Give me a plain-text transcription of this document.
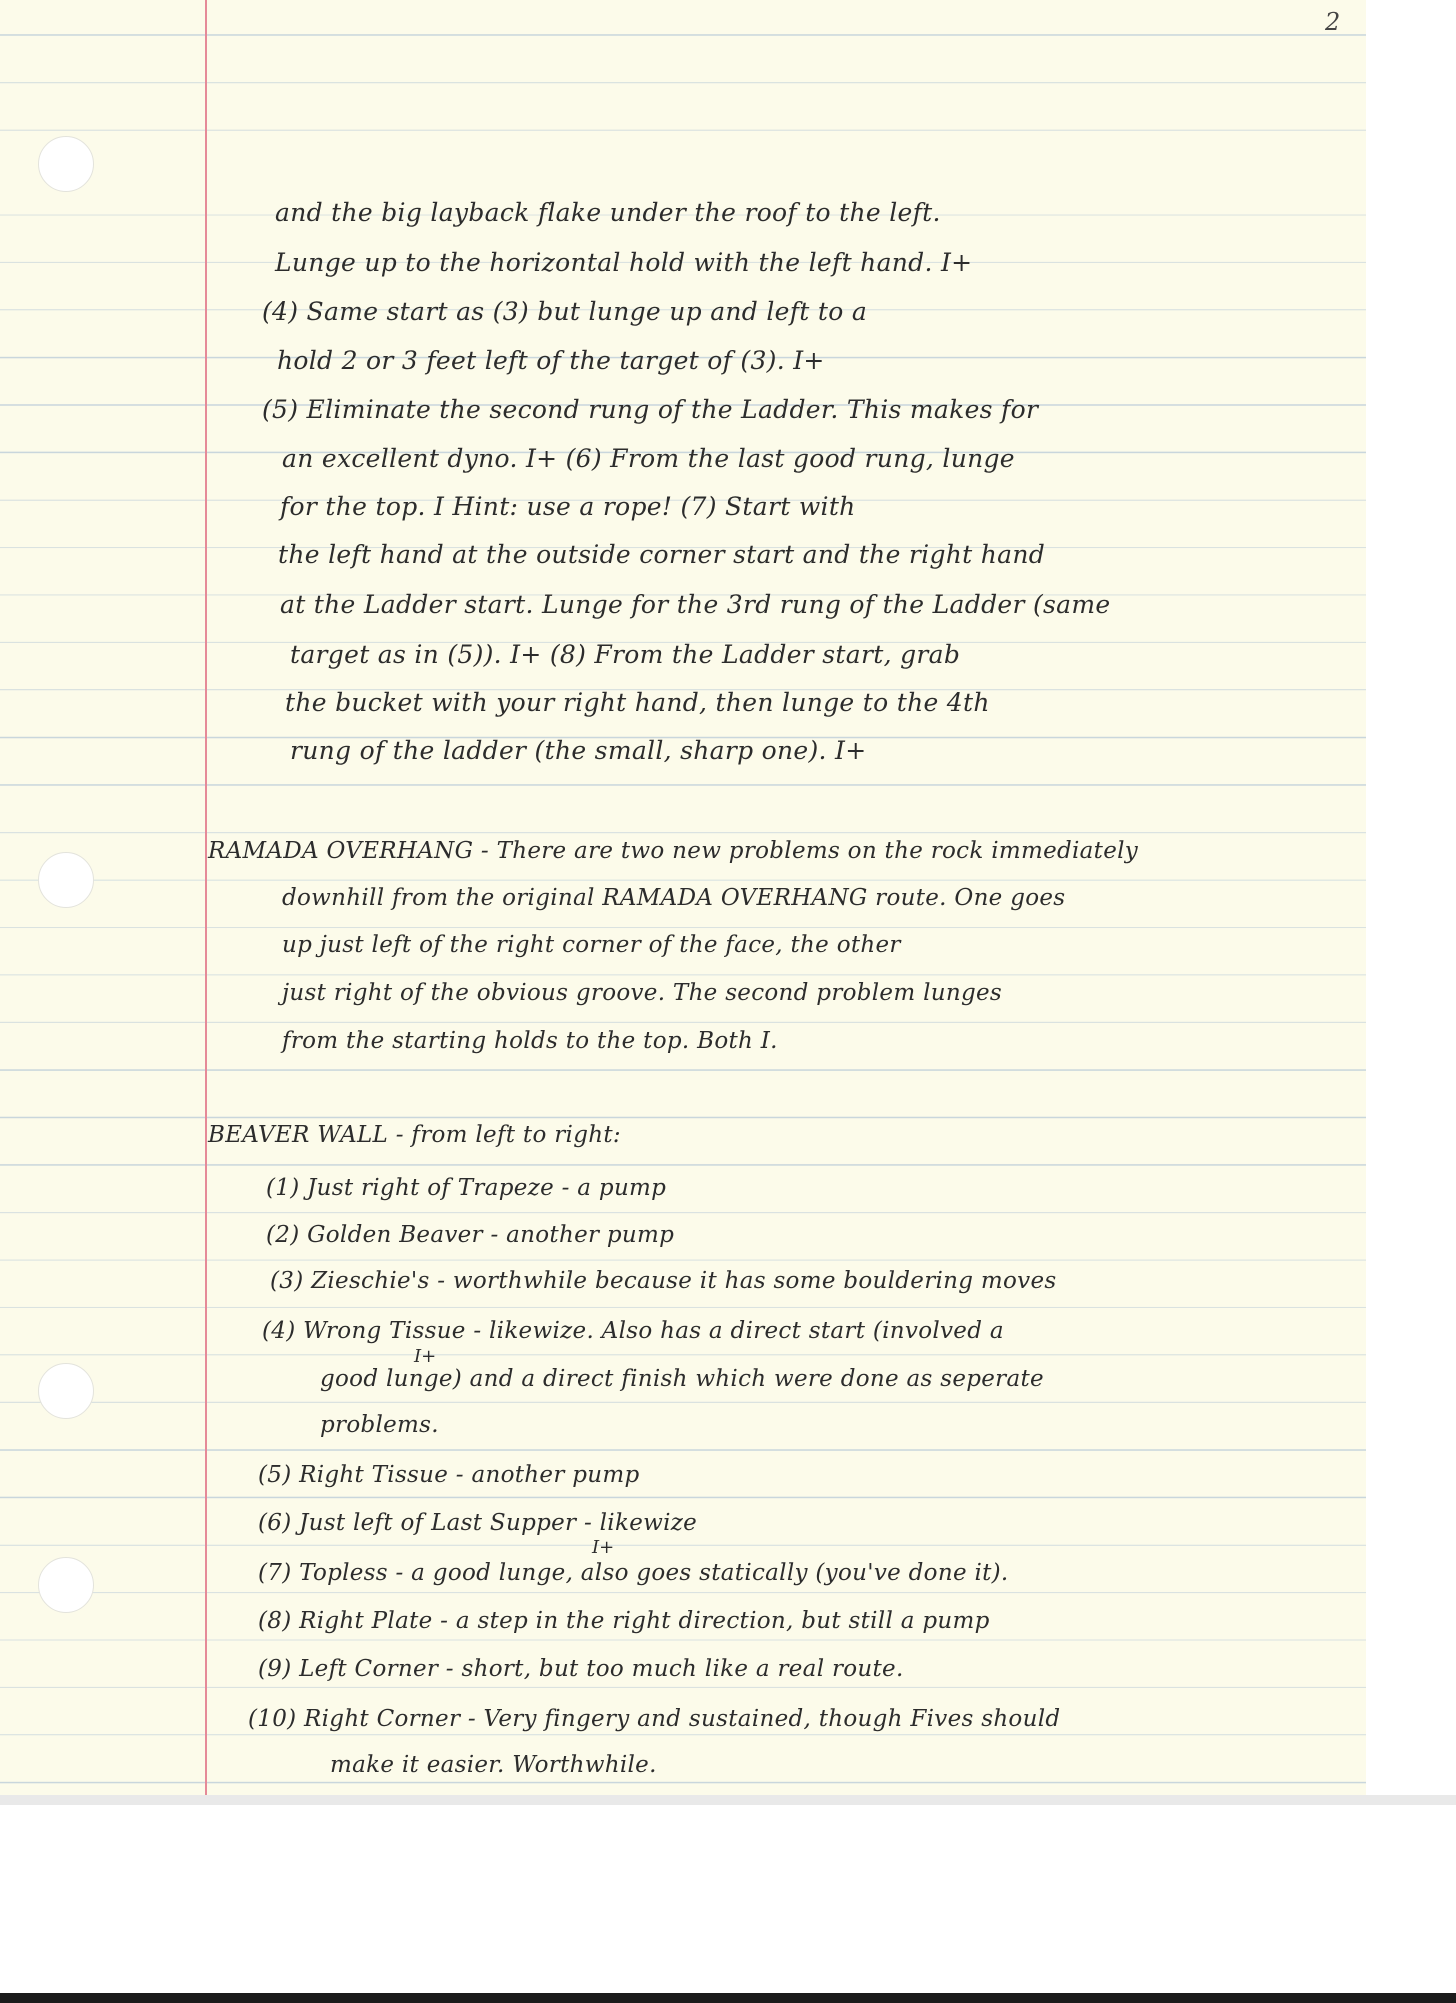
2
and the big layback flake under the roof to the left.
Lunge up to the horizontal hold with the left hand. I+
(4) Same start as (3) but lunge up and left to a
hold 2 or 3 feet left of the target of (3). I+
(5) Eliminate the second rung of the Ladder. This makes for
an excellent dyno. I+ (6) From the last good rung, lunge
for the top. I Hint: use a rope! (7) Start with
the left hand at the outside corner start and the right hand
at the Ladder start. Lunge for the 3rd rung of the Ladder (same
target as in (5)). I+ (8) From the Ladder start, grab
the bucket with your right hand, then lunge to the 4th
rung of the ladder (the small, sharp one). I+
RAMADA OVERHANG - There are two new problems on the rock immediately
downhill from the original RAMADA OVERHANG route. One goes
up just left of the right corner of the face, the other
just right of the obvious groove. The second problem lunges
from the starting holds to the top. Both I.
BEAVER WALL - from left to right:
(1) Just right of Trapeze - a pump
(2) Golden Beaver - another pump
(3) Zieschie's - worthwhile because it has some bouldering moves
(4) Wrong Tissue - likewize. Also has a direct start (involved a
I+
good lunge) and a direct finish which were done as seperate
problems.
(5) Right Tissue - another pump
(6) Just left of Last Supper - likewize
I+
(7) Topless - a good lunge, also goes statically (you've done it).
(8) Right Plate - a step in the right direction, but still a pump
(9) Left Corner - short, but too much like a real route.
(10) Right Corner - Very fingery and sustained, though Fives should
make it easier. Worthwhile.
